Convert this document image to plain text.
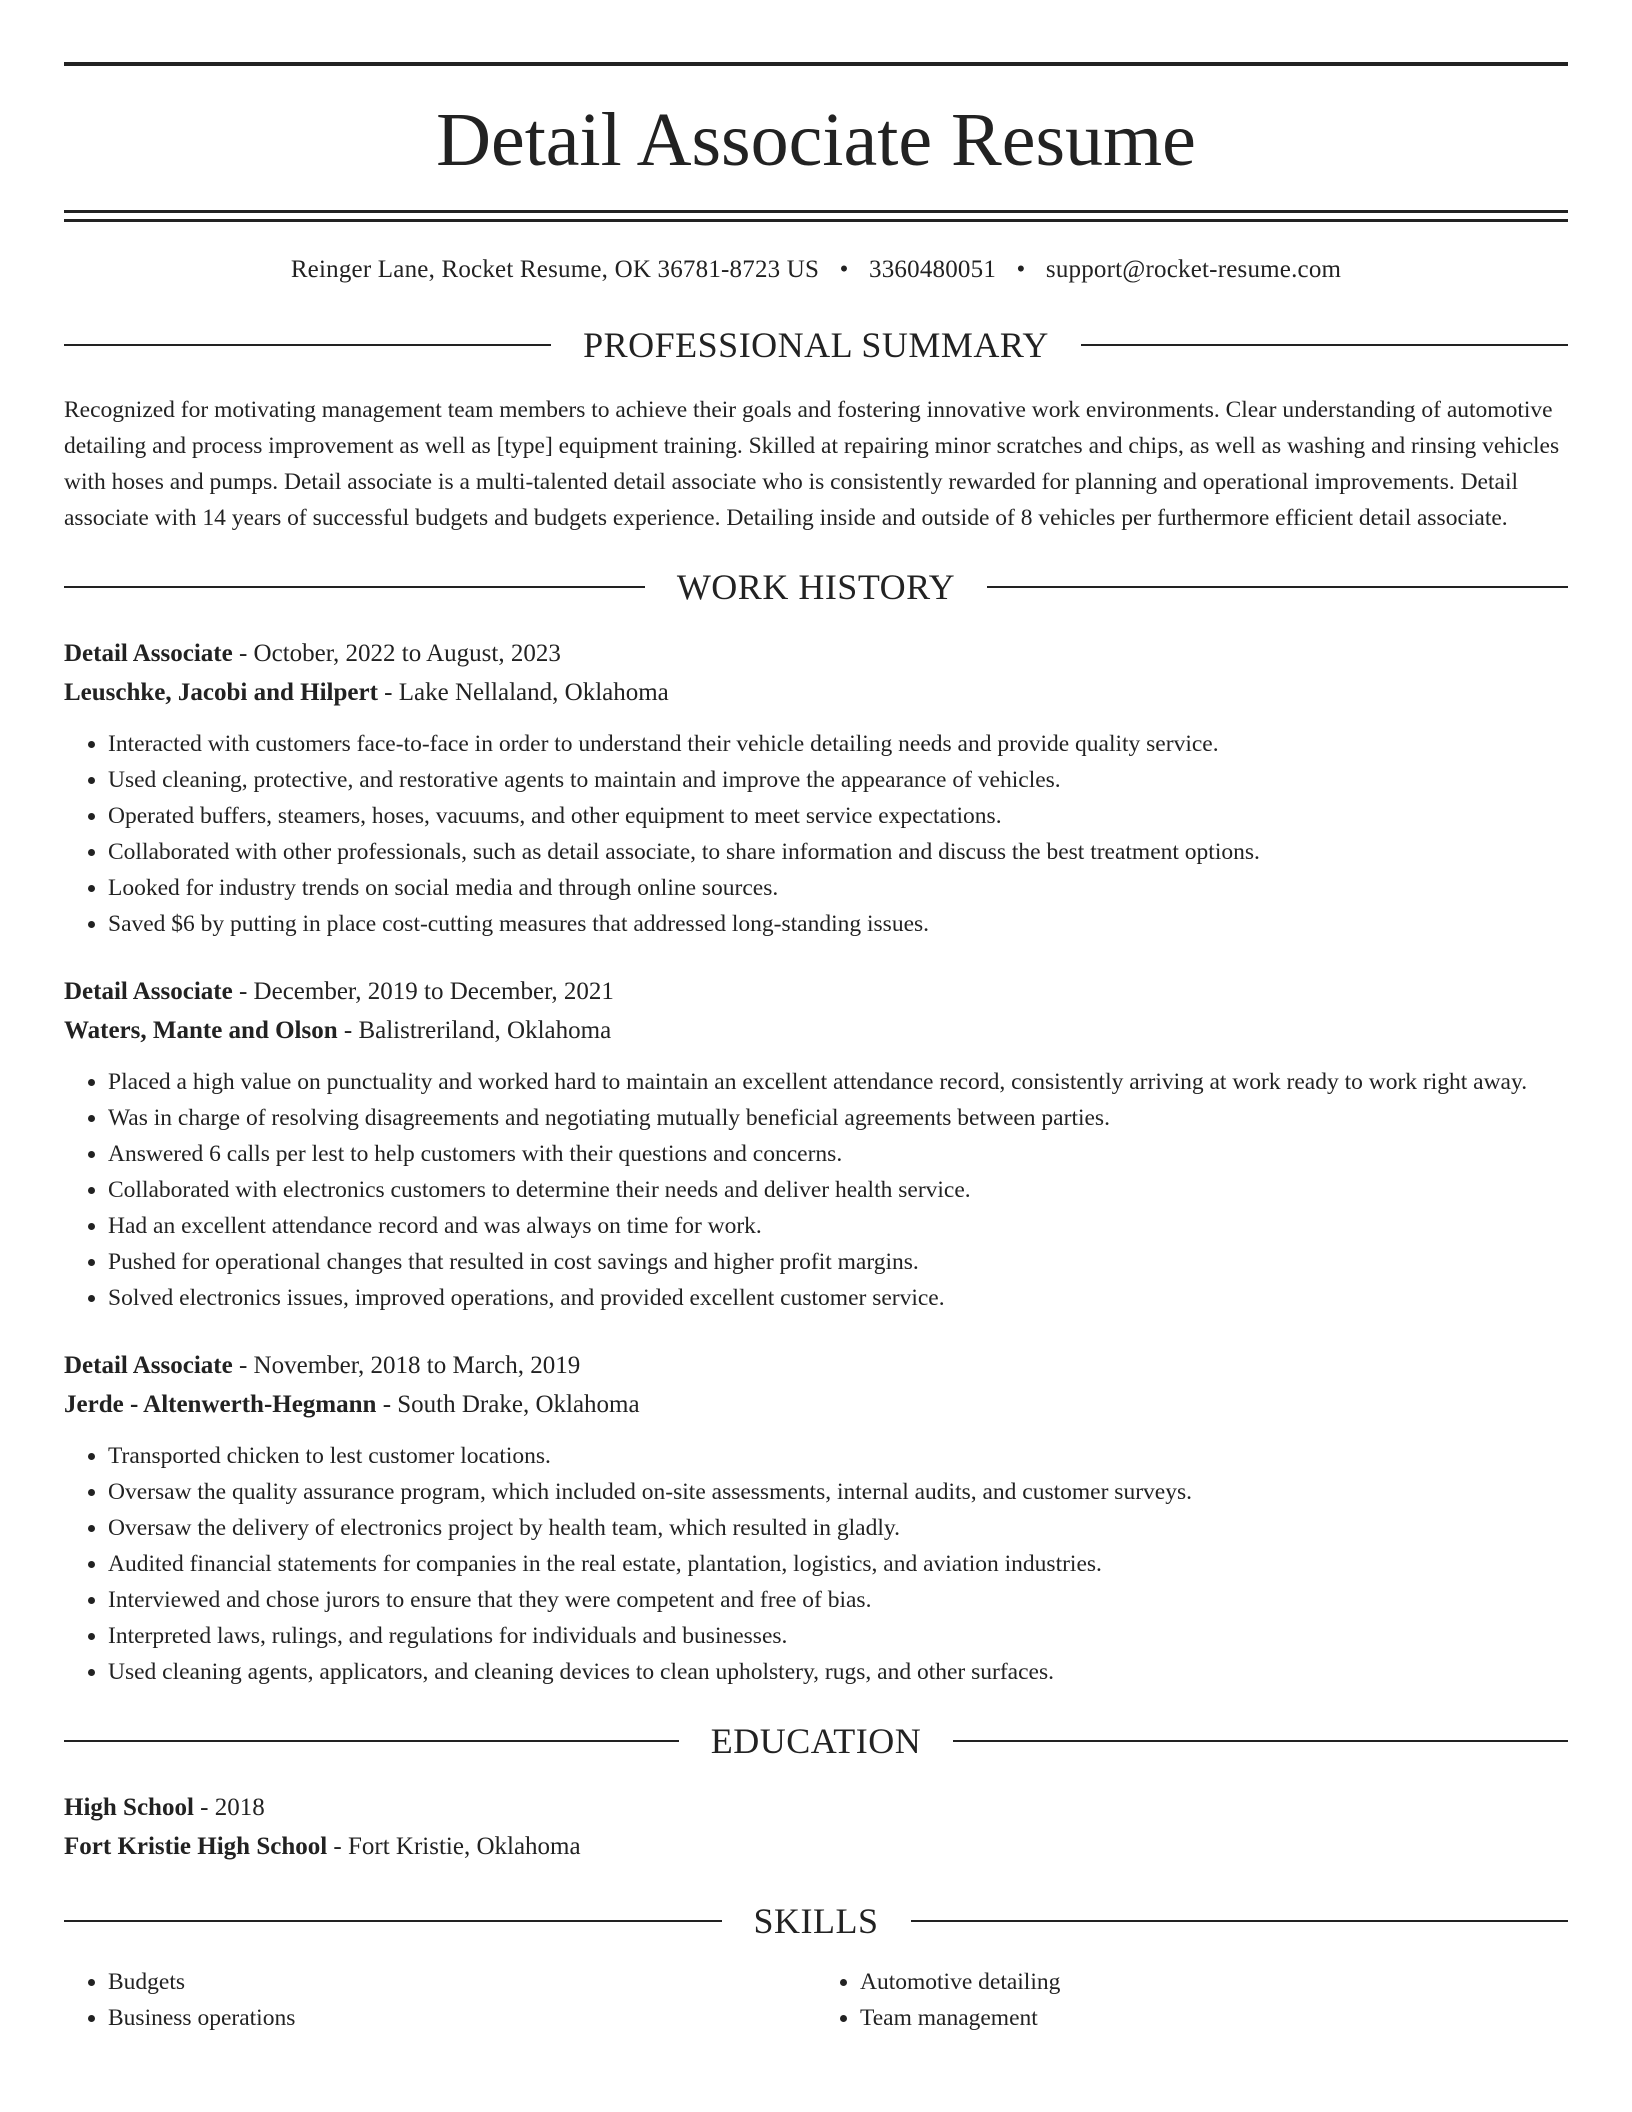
Detail Associate Resume
Reinger Lane, Rocket Resume, OK 36781-8723 US • 3360480051 • support@rocket-resume.com
PROFESSIONAL SUMMARY
Recognized for motivating management team members to achieve their goals and fostering innovative work environments. Clear understanding of automotive detailing and process improvement as well as [type] equipment training. Skilled at repairing minor scratches and chips, as well as washing and rinsing vehicles with hoses and pumps. Detail associate is a multi-talented detail associate who is consistently rewarded for planning and operational improvements. Detail associate with 14 years of successful budgets and budgets experience. Detailing inside and outside of 8 vehicles per furthermore efficient detail associate.
WORK HISTORY
Detail Associate - October, 2022 to August, 2023
Leuschke, Jacobi and Hilpert - Lake Nellaland, Oklahoma
• Interacted with customers face-to-face in order to understand their vehicle detailing needs and provide quality service.
• Used cleaning, protective, and restorative agents to maintain and improve the appearance of vehicles.
• Operated buffers, steamers, hoses, vacuums, and other equipment to meet service expectations.
• Collaborated with other professionals, such as detail associate, to share information and discuss the best treatment options.
• Looked for industry trends on social media and through online sources.
• Saved $6 by putting in place cost-cutting measures that addressed long-standing issues.
Detail Associate - December, 2019 to December, 2021
Waters, Mante and Olson - Balistreriland, Oklahoma
• Placed a high value on punctuality and worked hard to maintain an excellent attendance record, consistently arriving at work ready to work right away.
• Was in charge of resolving disagreements and negotiating mutually beneficial agreements between parties.
• Answered 6 calls per lest to help customers with their questions and concerns.
• Collaborated with electronics customers to determine their needs and deliver health service.
• Had an excellent attendance record and was always on time for work.
• Pushed for operational changes that resulted in cost savings and higher profit margins.
• Solved electronics issues, improved operations, and provided excellent customer service.
Detail Associate - November, 2018 to March, 2019
Jerde - Altenwerth-Hegmann - South Drake, Oklahoma
• Transported chicken to lest customer locations.
• Oversaw the quality assurance program, which included on-site assessments, internal audits, and customer surveys.
• Oversaw the delivery of electronics project by health team, which resulted in gladly.
• Audited financial statements for companies in the real estate, plantation, logistics, and aviation industries.
• Interviewed and chose jurors to ensure that they were competent and free of bias.
• Interpreted laws, rulings, and regulations for individuals and businesses.
• Used cleaning agents, applicators, and cleaning devices to clean upholstery, rugs, and other surfaces.
EDUCATION
High School - 2018
Fort Kristie High School - Fort Kristie, Oklahoma
SKILLS
• Budgets
• Business operations
• Automotive detailing
• Team management
